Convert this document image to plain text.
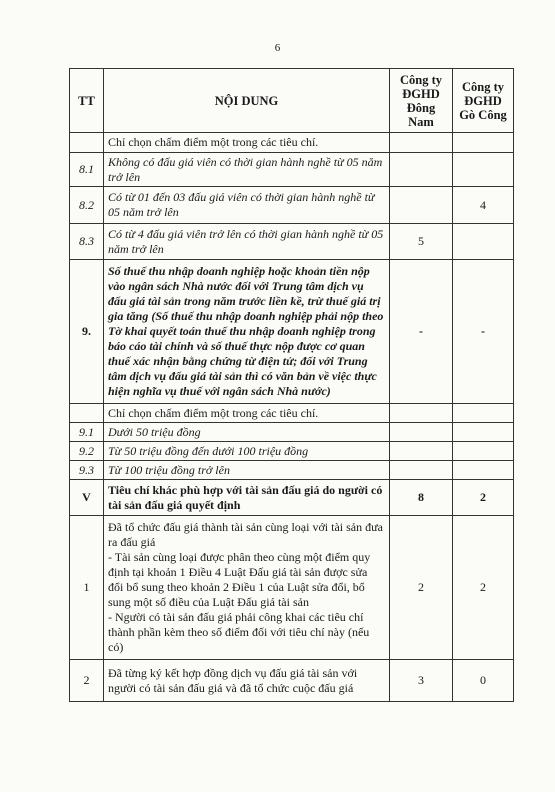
6
TT	NỘI DUNG	Công ty ĐGHD Đông Nam	Công ty ĐGHD Gò Công
	Chỉ chọn chấm điểm một trong các tiêu chí.		
8.1	Không có đấu giá viên có thời gian hành nghề từ 05 năm trở lên		
8.2	Có từ 01 đến 03 đấu giá viên có thời gian hành nghề từ 05 năm trở lên		4
8.3	Có từ 4 đấu giá viên trở lên có thời gian hành nghề từ 05 năm trở lên	5	
9.	Số thuế thu nhập doanh nghiệp hoặc khoản tiền nộp vào ngân sách Nhà nước đối với Trung tâm dịch vụ đấu giá tài sản trong năm trước liền kề, trừ thuế giá trị gia tăng (Số thuế thu nhập doanh nghiệp phải nộp theo Tờ khai quyết toán thuế thu nhập doanh nghiệp trong báo cáo tài chính và số thuế thực nộp được cơ quan thuế xác nhận bằng chứng từ điện tử; đối với Trung tâm dịch vụ đấu giá tài sản thì có văn bản về việc thực hiện nghĩa vụ thuế với ngân sách Nhà nước)	-	-
	Chỉ chọn chấm điểm một trong các tiêu chí.		
9.1	Dưới 50 triệu đồng		
9.2	Từ 50 triệu đồng đến dưới 100 triệu đồng		
9.3	Từ 100 triệu đồng trở lên		
V	Tiêu chí khác phù hợp với tài sản đấu giá do người có tài sản đấu giá quyết định	8	2
1	Đã tổ chức đấu giá thành tài sản cùng loại với tài sản đưa ra đấu giá
- Tài sản cùng loại được phân theo cùng một điểm quy định tại khoản 1 Điều 4 Luật Đấu giá tài sản được sửa đổi bổ sung theo khoản 2 Điều 1 của Luật sửa đổi, bổ sung một số điều của Luật Đấu giá tài sản
- Người có tài sản đấu giá phải công khai các tiêu chí thành phần kèm theo số điểm đối với tiêu chí này (nếu có)	2	2
2	Đã từng ký kết hợp đồng dịch vụ đấu giá tài sản với người có tài sản đấu giá và đã tổ chức cuộc đấu giá	3	0
